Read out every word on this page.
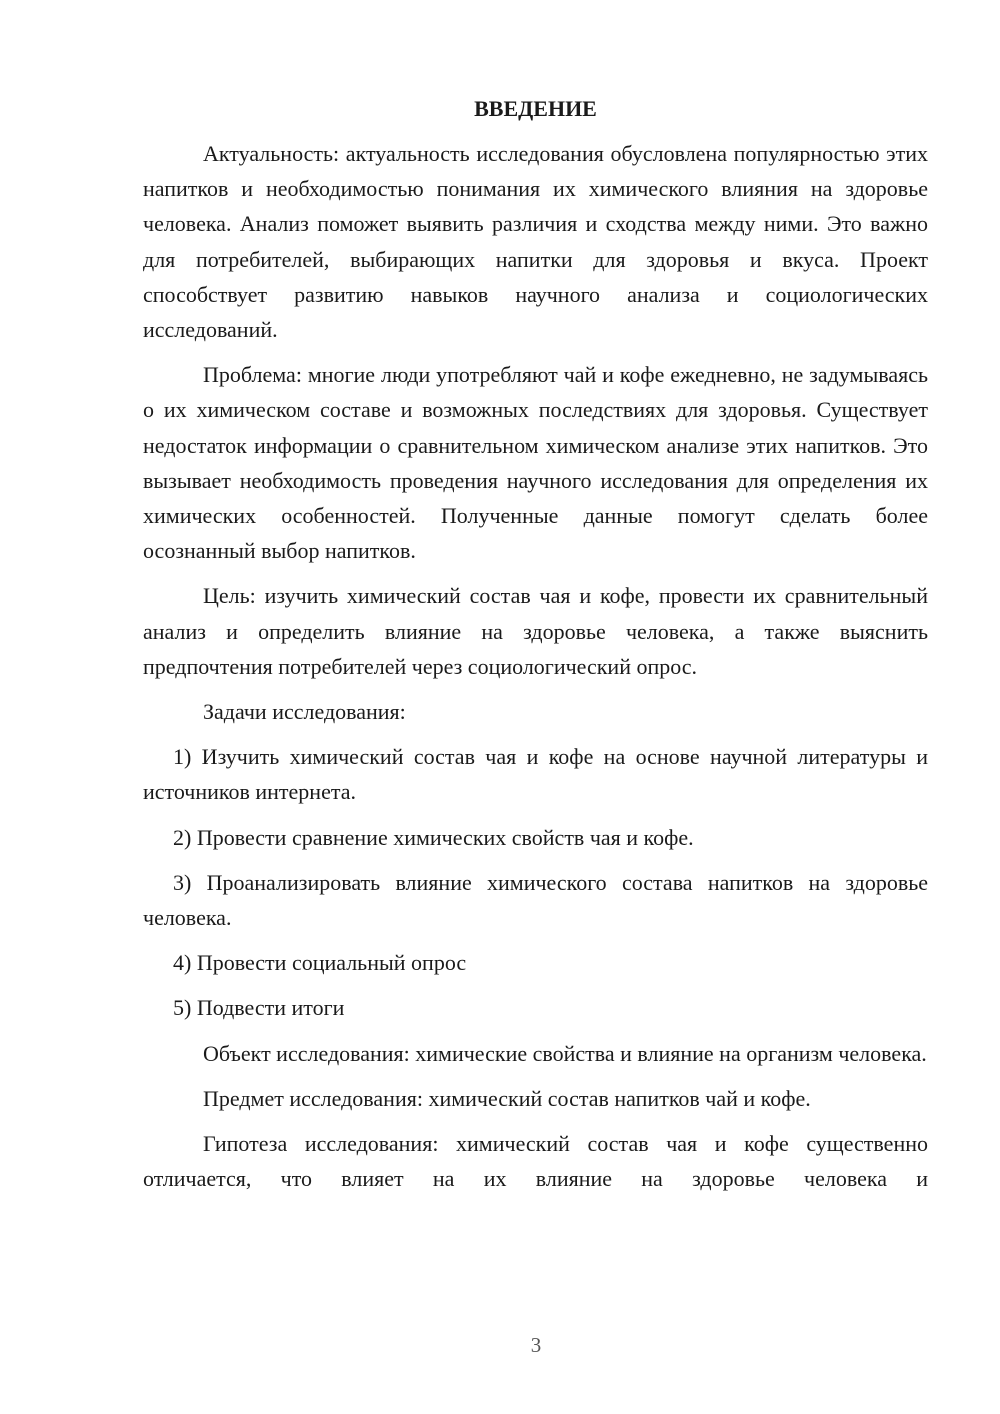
ВВЕДЕНИЕ

Актуальность: актуальность исследования обусловлена популярностью этих напитков и необходимостью понимания их химического влияния на здоровье человека. Анализ поможет выявить различия и сходства между ними. Это важно для потребителей, выбирающих напитки для здоровья и вкуса. Проект способствует развитию навыков научного анализа и социологических исследований.

Проблема: многие люди употребляют чай и кофе ежедневно, не задумываясь о их химическом составе и возможных последствиях для здоровья. Существует недостаток информации о сравнительном химическом анализе этих напитков. Это вызывает необходимость проведения научного исследования для определения их химических особенностей. Полученные данные помогут сделать более осознанный выбор напитков.

Цель: изучить химический состав чая и кофе, провести их сравнительный анализ и определить влияние на здоровье человека, а также выяснить предпочтения потребителей через социологический опрос.

Задачи исследования:

1) Изучить химический состав чая и кофе на основе научной литературы и источников интернета.

2) Провести сравнение химических свойств чая и кофе.

3) Проанализировать влияние химического состава напитков на здоровье человека.

4) Провести социальный опрос

5) Подвести итоги

Объект исследования: химические свойства и влияние на организм человека.

Предмет исследования: химический состав напитков чай и кофе.

Гипотеза исследования: химический состав чая и кофе существенно отличается, что влияет на их влияние на здоровье человека и

3
